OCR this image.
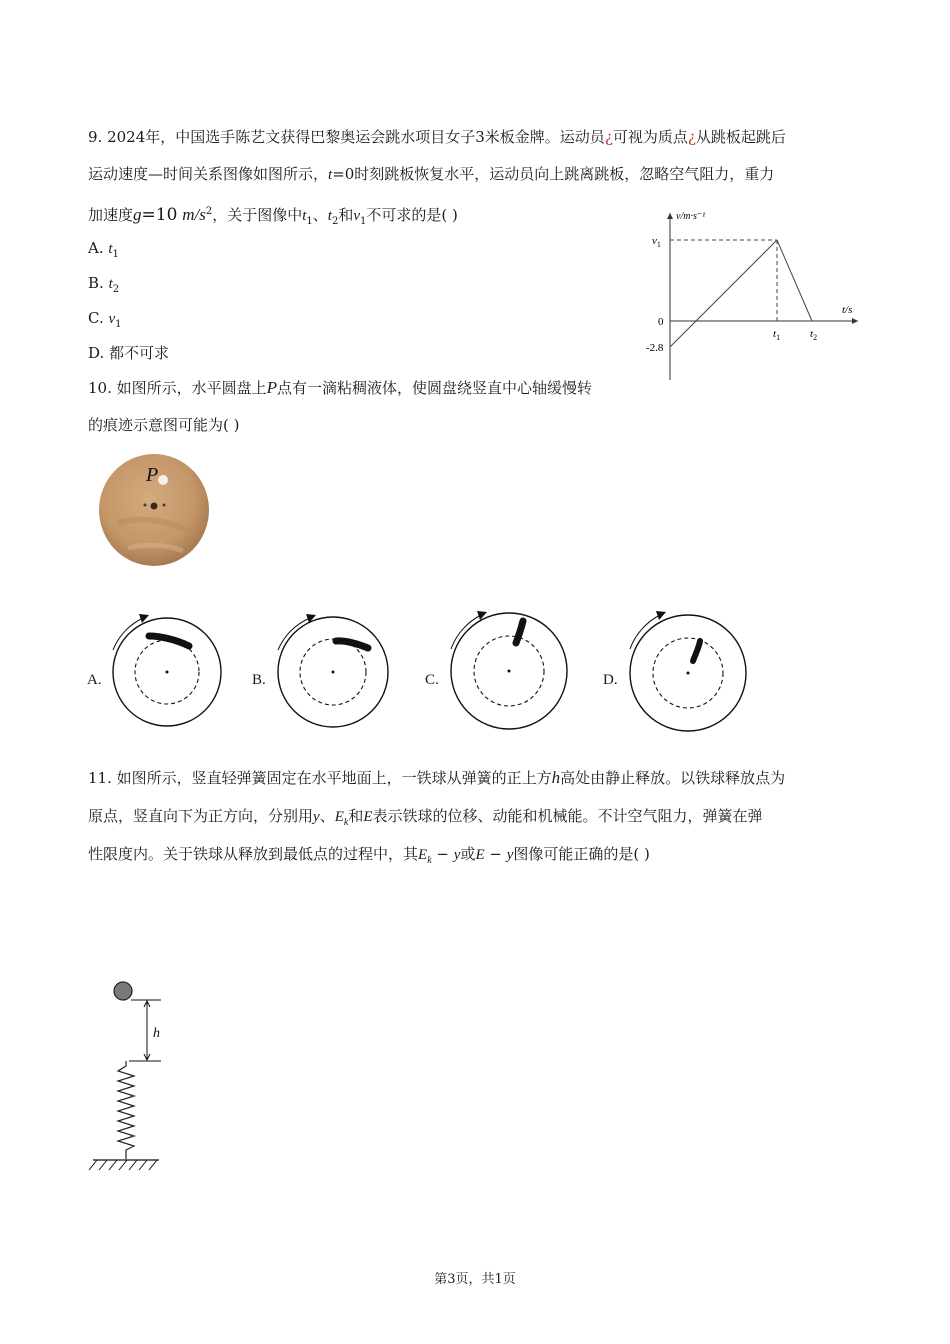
9. 2024年，中国选手陈艺文获得巴黎奥运会跳水项目女子3米板金牌。运动员¿可视为质点¿从跳板起跳后
运动速度—时间关系图像如图所示，t=0时刻跳板恢复水平，运动员向上跳离跳板，忽略空气阻力，重力
加速度g=10 $m/s^2$，关于图像中$t_1$、$t_2$和$v_1$不可求的是( )
A. $t_1$
B. $t_2$
C. $v_1$
D. 都不可求
v/m·s⁻¹
t/s
$v_1$
0
-2.8
$t_1$	$t_2$
10. 如图所示，水平圆盘上P点有一滴粘稠液体，使圆盘绕竖直中心轴缓慢转
的痕迹示意图可能为( )
P
A.	B.	C.	D.
11. 如图所示，竖直轻弹簧固定在水平地面上，一铁球从弹簧的正上方h高处由静止释放。以铁球释放点为
原点，竖直向下为正方向，分别用y、$E_k$和E表示铁球的位移、动能和机械能。不计空气阻力，弹簧在弹
性限度内。关于铁球从释放到最低点的过程中，其$E_k - y$或E − y图像可能正确的是( )
h
第3页，共1页
